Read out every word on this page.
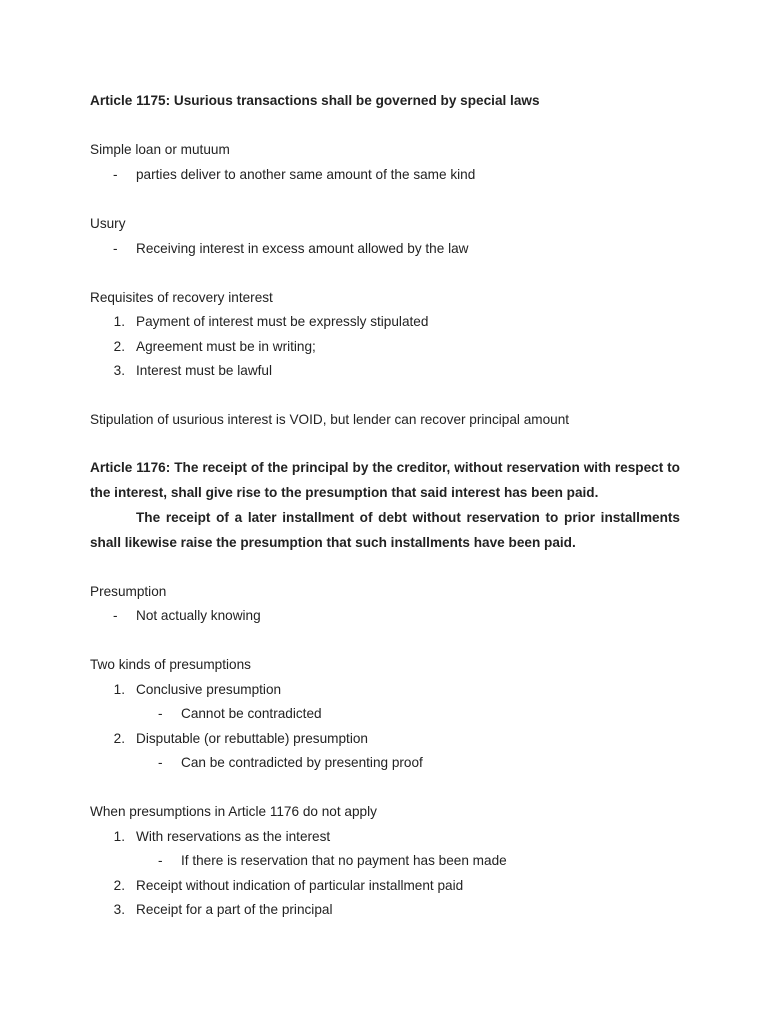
Article 1175: Usurious transactions shall be governed by special laws
Simple loan or mutuum
- parties deliver to another same amount of the same kind
Usury
- Receiving interest in excess amount allowed by the law
Requisites of recovery interest
1. Payment of interest must be expressly stipulated
2. Agreement must be in writing;
3. Interest must be lawful
Stipulation of usurious interest is VOID, but lender can recover principal amount
Article 1176: The receipt of the principal by the creditor, without reservation with respect to the interest, shall give rise to the presumption that said interest has been paid.
The receipt of a later installment of debt without reservation to prior installments shall likewise raise the presumption that such installments have been paid.
Presumption
- Not actually knowing
Two kinds of presumptions
1. Conclusive presumption
- Cannot be contradicted
2. Disputable (or rebuttable) presumption
- Can be contradicted by presenting proof
When presumptions in Article 1176 do not apply
1. With reservations as the interest
- If there is reservation that no payment has been made
2. Receipt without indication of particular installment paid
3. Receipt for a part of the principal
